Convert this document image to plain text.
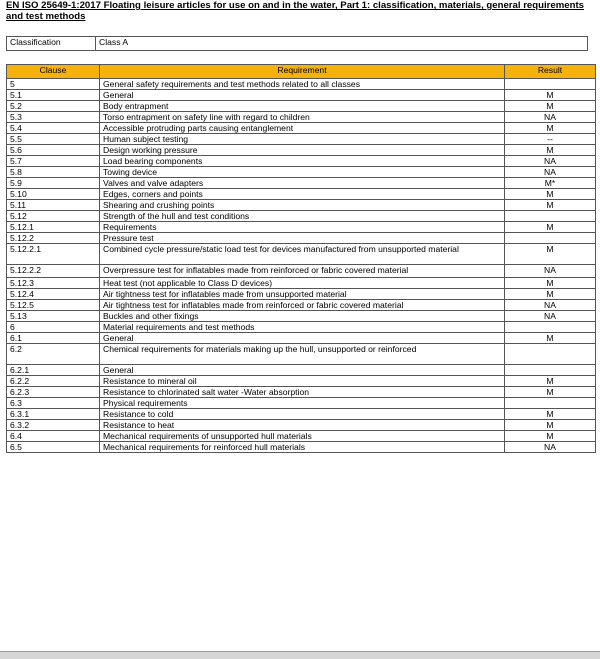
EN ISO 25649-1:2017 Floating leisure articles for use on and in the water, Part 1: classification, materials, general requirements and test methods
Classification	Class A
Clause	Requirement	Result
5	General safety requirements and test methods related to all classes	
5.1	General	M
5.2	Body entrapment	M
5.3	Torso entrapment on safety line with regard to children	NA
5.4	Accessible protruding parts causing entanglement	M
5.5	Human subject testing	--
5.6	Design working pressure	M
5.7	Load bearing components	NA
5.8	Towing device	NA
5.9	Valves and valve adapters	M*
5.10	Edges, corners and points	M
5.11	Shearing and crushing points	M
5.12	Strength of the hull and test conditions	
5.12.1	Requirements	M
5.12.2	Pressure test	
5.12.2.1	Combined cycle pressure/static load test for devices manufactured from unsupported material	M
5.12.2.2	Overpressure test for inflatables made from reinforced or fabric covered material	NA
5.12.3	Heat test (not applicable to Class D devices)	M
5.12.4	Air tightness test for inflatables made from unsupported material	M
5.12.5	Air tightness test for inflatables made from reinforced or fabric covered material	NA
5.13	Buckles and other fixings	NA
6	Material requirements and test methods	
6.1	General	M
6.2	Chemical requirements for materials making up the hull, unsupported or reinforced	
6.2.1	General	
6.2.2	Resistance to mineral oil	M
6.2.3	Resistance to chlorinated salt water -Water absorption	M
6.3	Physical requirements	
6.3.1	Resistance to cold	M
6.3.2	Resistance to heat	M
6.4	Mechanical requirements of unsupported hull materials	M
6.5	Mechanical requirements for reinforced hull materials	NA
